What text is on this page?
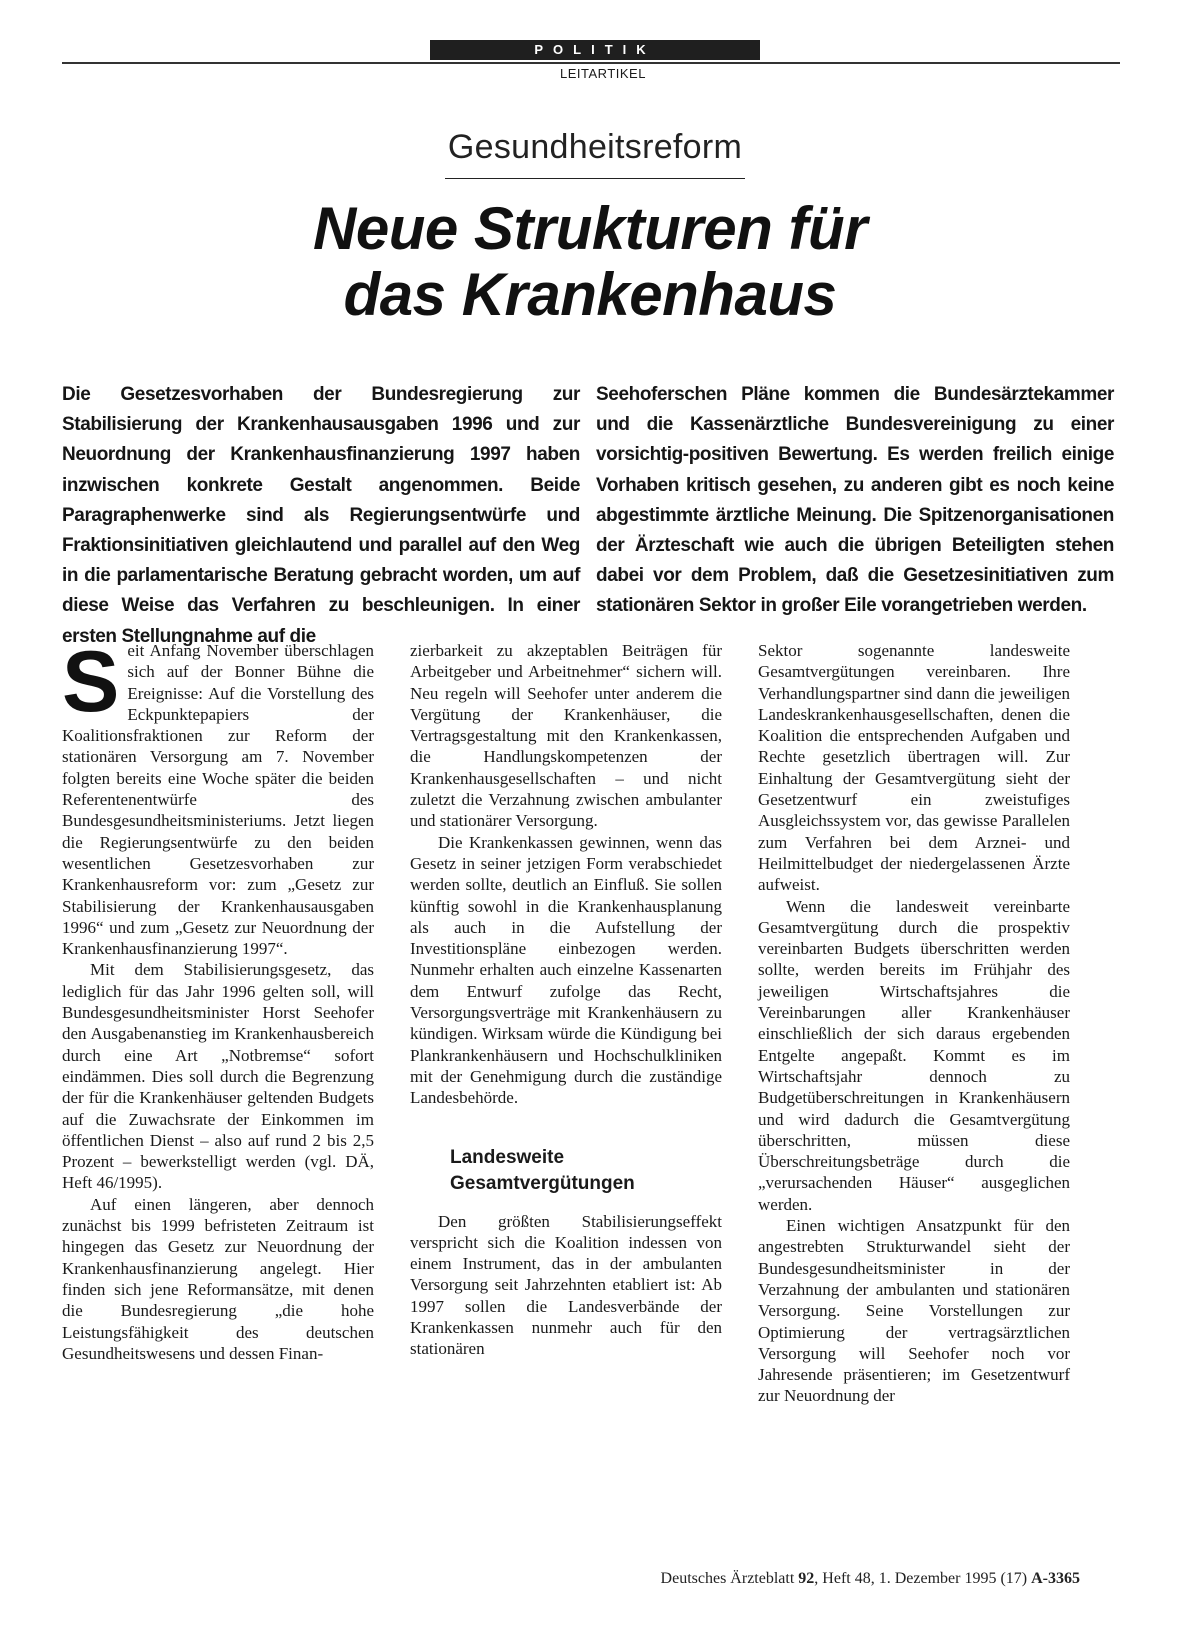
POLITIK
LEITARTIKEL
Gesundheitsreform
Neue Strukturen für
das Krankenhaus
Die Gesetzesvorhaben der Bundesregierung zur Stabilisierung der Krankenhausausgaben 1996 und zur Neuordnung der Krankenhausfinanzierung 1997 haben inzwischen konkrete Gestalt angenommen. Beide Paragraphenwerke sind als Regierungsentwürfe und Fraktionsinitiativen gleichlautend und parallel auf den Weg in die parlamentarische Beratung gebracht worden, um auf diese Weise das Verfahren zu beschleunigen. In einer ersten Stellungnahme auf die
Seehoferschen Pläne kommen die Bundesärztekammer und die Kassenärztliche Bundesvereinigung zu einer vorsichtig-positiven Bewertung. Es werden freilich einige Vorhaben kritisch gesehen, zu anderen gibt es noch keine abgestimmte ärztliche Meinung. Die Spitzenorganisationen der Ärzteschaft wie auch die übrigen Beteiligten stehen dabei vor dem Problem, daß die Gesetzesinitiativen zum stationären Sektor in großer Eile vorangetrieben werden.

Seit Anfang November überschlagen sich auf der Bonner Bühne die Ereignisse: Auf die Vorstellung des Eckpunktepapiers der Koalitionsfraktionen zur Reform der stationären Versorgung am 7. November folgten bereits eine Woche später die beiden Referentenentwürfe des Bundesgesundheitsministeriums. Jetzt liegen die Regierungsentwürfe zu den beiden wesentlichen Gesetzesvorhaben zur Krankenhausreform vor: zum „Gesetz zur Stabilisierung der Krankenhausausgaben 1996“ und zum „Gesetz zur Neuordnung der Krankenhausfinanzierung 1997“.

Mit dem Stabilisierungsgesetz, das lediglich für das Jahr 1996 gelten soll, will Bundesgesundheitsminister Horst Seehofer den Ausgabenanstieg im Krankenhausbereich durch eine Art „Notbremse“ sofort eindämmen. Dies soll durch die Begrenzung der für die Krankenhäuser geltenden Budgets auf die Zuwachsrate der Einkommen im öffentlichen Dienst – also auf rund 2 bis 2,5 Prozent – bewerkstelligt werden (vgl. DÄ, Heft 46/1995).

Auf einen längeren, aber dennoch zunächst bis 1999 befristeten Zeitraum ist hingegen das Gesetz zur Neuordnung der Krankenhausfinanzierung angelegt. Hier finden sich jene Reformansätze, mit denen die Bundesregierung „die hohe Leistungsfähigkeit des deutschen Gesundheitswesens und dessen Finan-

zierbarkeit zu akzeptablen Beiträgen für Arbeitgeber und Arbeitnehmer“ sichern will. Neu regeln will Seehofer unter anderem die Vergütung der Krankenhäuser, die Vertragsgestaltung mit den Krankenkassen, die Handlungskompetenzen der Krankenhausgesellschaften – und nicht zuletzt die Verzahnung zwischen ambulanter und stationärer Versorgung.

Die Krankenkassen gewinnen, wenn das Gesetz in seiner jetzigen Form verabschiedet werden sollte, deutlich an Einfluß. Sie sollen künftig sowohl in die Krankenhausplanung als auch in die Aufstellung der Investitionspläne einbezogen werden. Nunmehr erhalten auch einzelne Kassenarten dem Entwurf zufolge das Recht, Versorgungsverträge mit Krankenhäusern zu kündigen. Wirksam würde die Kündigung bei Plankrankenhäusern und Hochschulkliniken mit der Genehmigung durch die zuständige Landesbehörde.

Landesweite
Gesamtvergütungen

Den größten Stabilisierungseffekt verspricht sich die Koalition indessen von einem Instrument, das in der ambulanten Versorgung seit Jahrzehnten etabliert ist: Ab 1997 sollen die Landesverbände der Krankenkassen nunmehr auch für den stationären

Sektor sogenannte landesweite Gesamtvergütungen vereinbaren. Ihre Verhandlungspartner sind dann die jeweiligen Landeskrankenhausgesellschaften, denen die Koalition die entsprechenden Aufgaben und Rechte gesetzlich übertragen will. Zur Einhaltung der Gesamtvergütung sieht der Gesetzentwurf ein zweistufiges Ausgleichssystem vor, das gewisse Parallelen zum Verfahren bei dem Arznei- und Heilmittelbudget der niedergelassenen Ärzte aufweist.

Wenn die landesweit vereinbarte Gesamtvergütung durch die prospektiv vereinbarten Budgets überschritten werden sollte, werden bereits im Frühjahr des jeweiligen Wirtschaftsjahres die Vereinbarungen aller Krankenhäuser einschließlich der sich daraus ergebenden Entgelte angepaßt. Kommt es im Wirtschaftsjahr dennoch zu Budgetüberschreitungen in Krankenhäusern und wird dadurch die Gesamtvergütung überschritten, müssen diese Überschreitungsbeträge durch die „verursachenden Häuser“ ausgeglichen werden.

Einen wichtigen Ansatzpunkt für den angestrebten Strukturwandel sieht der Bundesgesundheitsminister in der Verzahnung der ambulanten und stationären Versorgung. Seine Vorstellungen zur Optimierung der vertragsärztlichen Versorgung will Seehofer noch vor Jahresende präsentieren; im Gesetzentwurf zur Neuordnung der

Deutsches Ärzteblatt 92, Heft 48, 1. Dezember 1995 (17) A-3365
